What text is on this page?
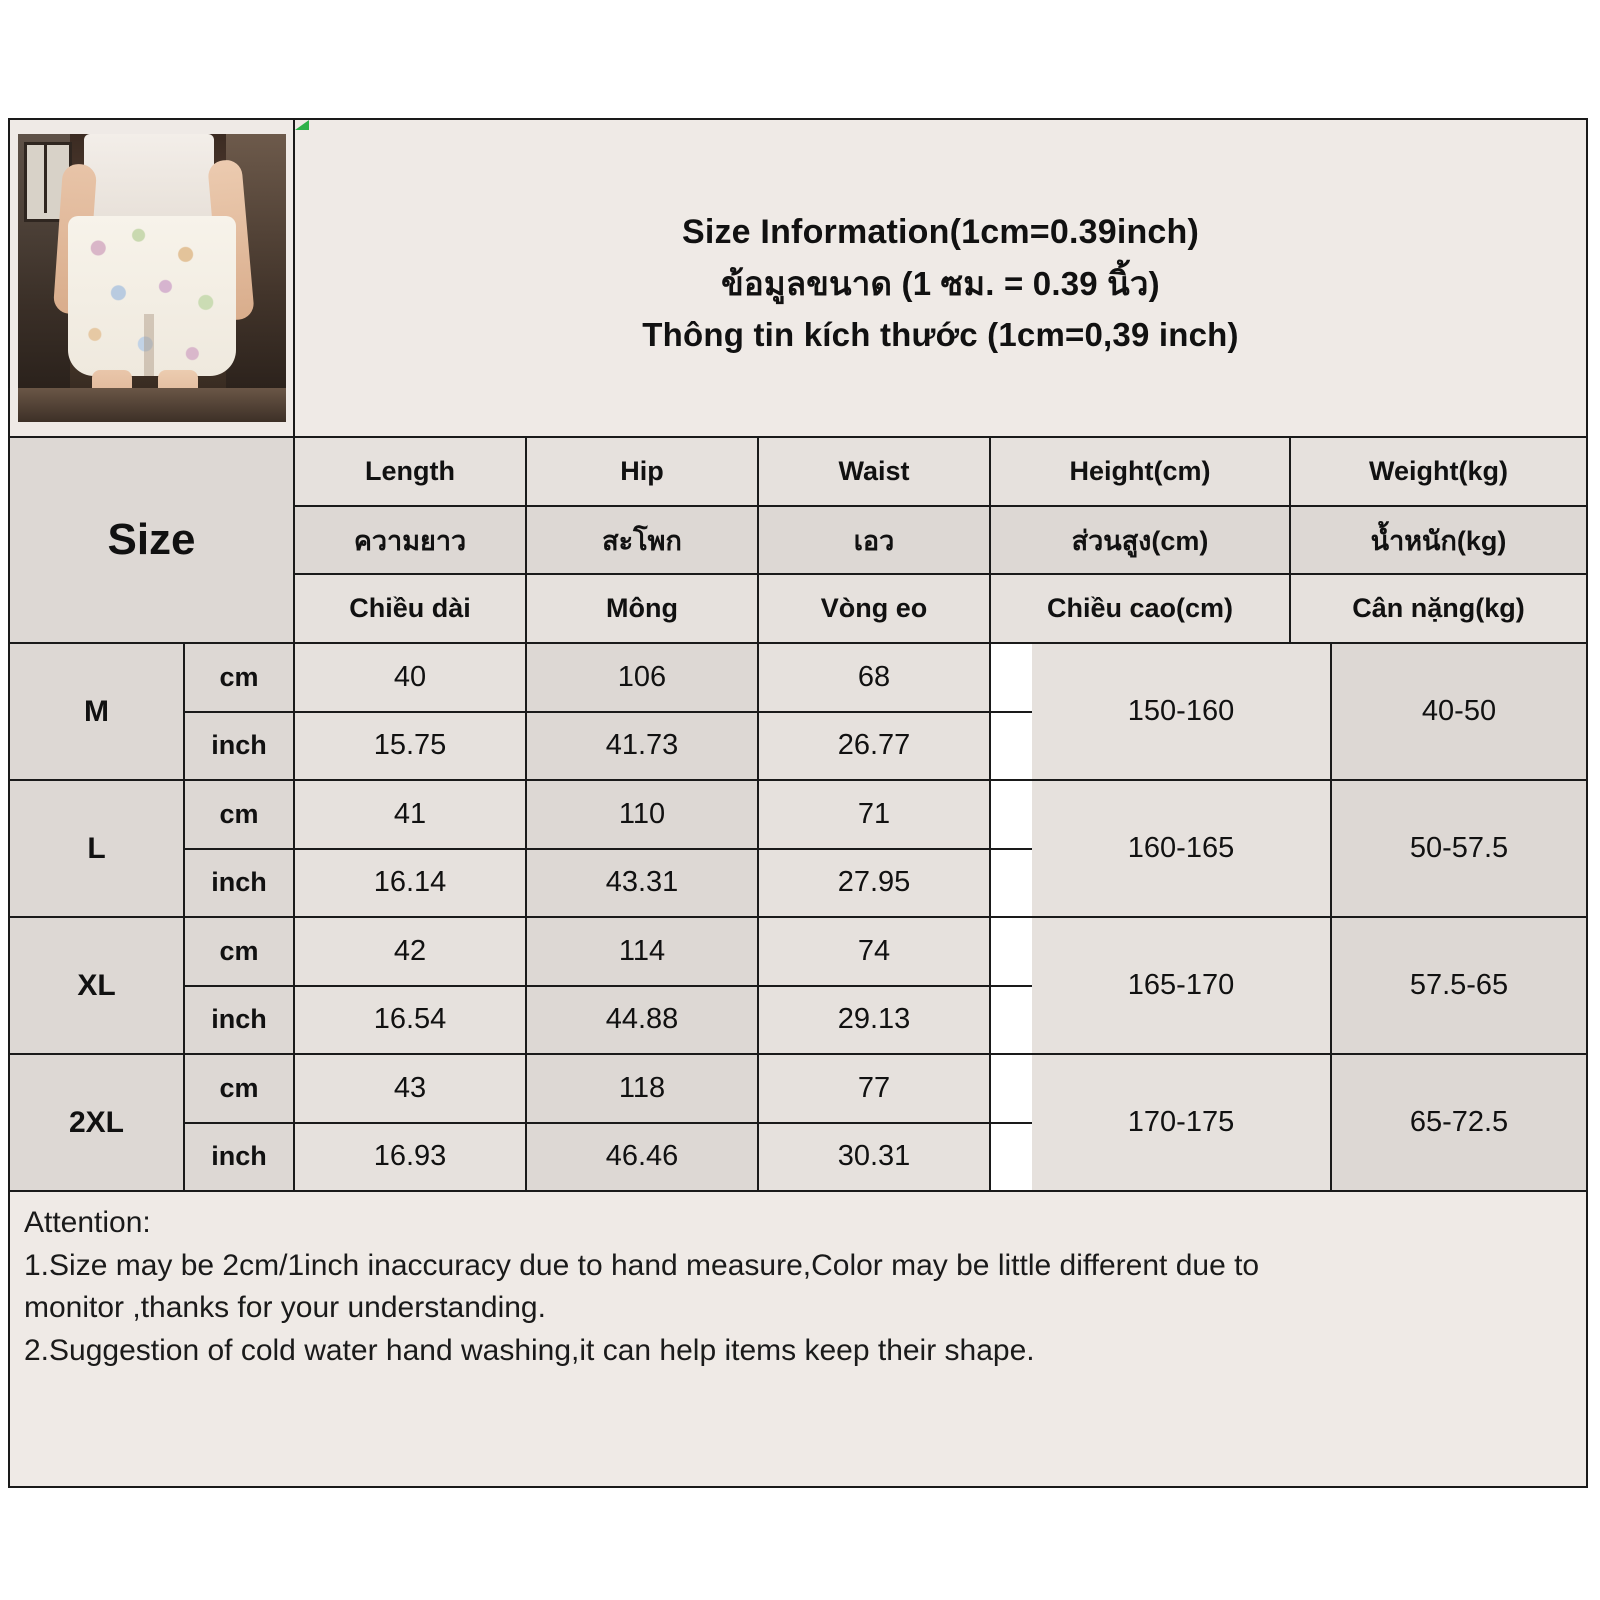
Size Information(1cm=0.39inch)
ข้อมูลขนาด (1 ซม. = 0.39 นิ้ว)
Thông tin kích thước (1cm=0,39 inch)
Size
Length	Hip	Waist	Height(cm)	Weight(kg)
ความยาว	สะโพก	เอว	ส่วนสูง(cm)	น้ำหนัก(kg)
Chiều dài	Mông	Vòng eo	Chiều cao(cm)	Cân nặng(kg)
M
cm	40	106	68
inch	15.75	41.73	26.77
150-160	40-50
L
cm	41	110	71
inch	16.14	43.31	27.95
160-165	50-57.5
XL
cm	42	114	74
inch	16.54	44.88	29.13
165-170	57.5-65
2XL
cm	43	118	77
inch	16.93	46.46	30.31
170-175	65-72.5

Attention:

1.Size may be 2cm/1inch inaccuracy due to hand measure,Color may be little different due to

monitor ,thanks for your understanding.

2.Suggestion of cold water hand washing,it can help items keep their shape.
